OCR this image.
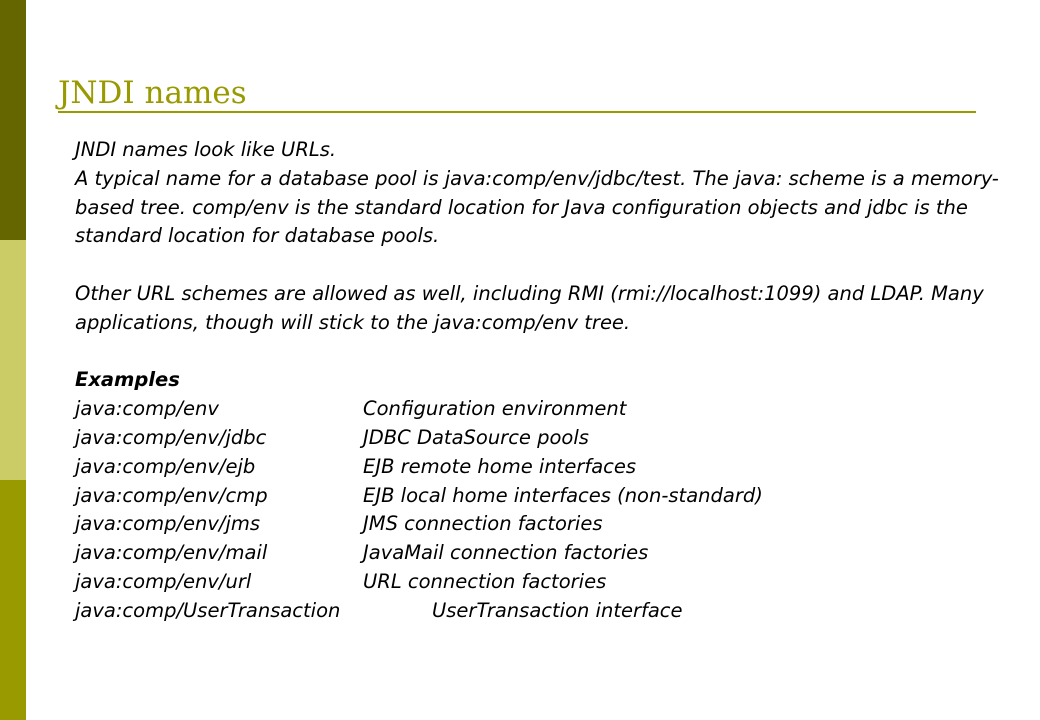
JNDI names

JNDI names look like URLs.

A typical name for a database pool is java:comp/env/jdbc/test. The java: scheme is a memory-based tree. comp/env is the standard location for Java configuration objects and jdbc is the standard location for database pools.

Other URL schemes are allowed as well, including RMI (rmi://localhost:1099) and LDAP. Many applications, though will stick to the java:comp/env tree.

Examples

java:comp/env	Configuration environment
java:comp/env/jdbc	JDBC DataSource pools
java:comp/env/ejb	EJB remote home interfaces
java:comp/env/cmp	EJB local home interfaces (non-standard)
java:comp/env/jms	JMS connection factories
java:comp/env/mail	JavaMail connection factories
java:comp/env/url	URL connection factories
java:comp/UserTransaction	UserTransaction interface
